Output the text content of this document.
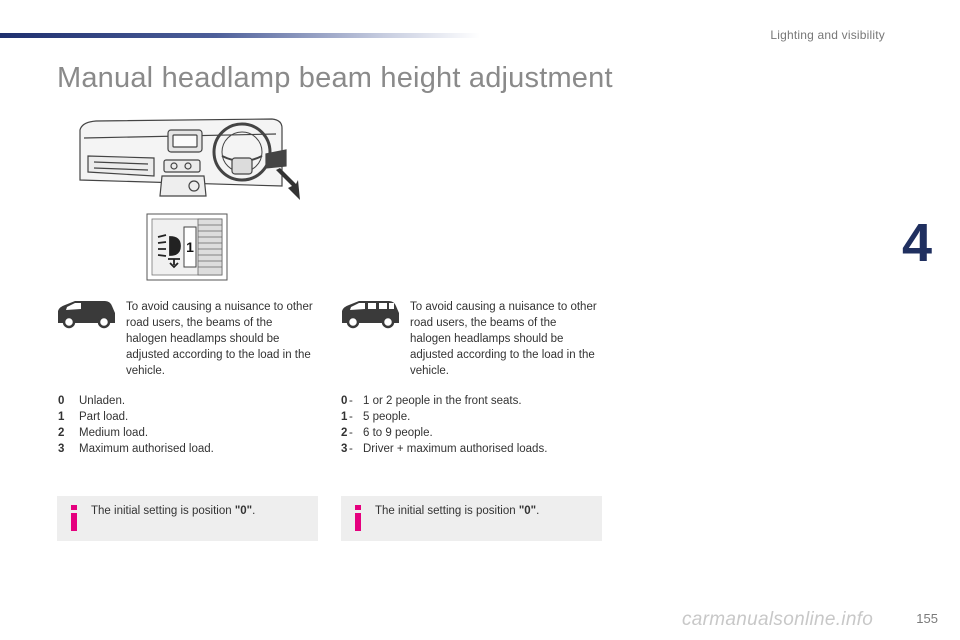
Lighting and visibility
Manual headlamp beam height adjustment
4
1

To avoid causing a nuisance to other road users, the beams of the halogen headlamps should be adjusted according to the load in the vehicle.

0	Unladen.
1	Part load.
2	Medium load.
3	Maximum authorised load.
The initial setting is position "0".

To avoid causing a nuisance to other road users, the beams of the halogen headlamps should be adjusted according to the load in the vehicle.

0 - 1 or 2 people in the front seats.
1 - 5 people.
2 - 6 to 9 people.
3 - Driver + maximum authorised loads.
The initial setting is position "0".
carmanualsonline.info	155
